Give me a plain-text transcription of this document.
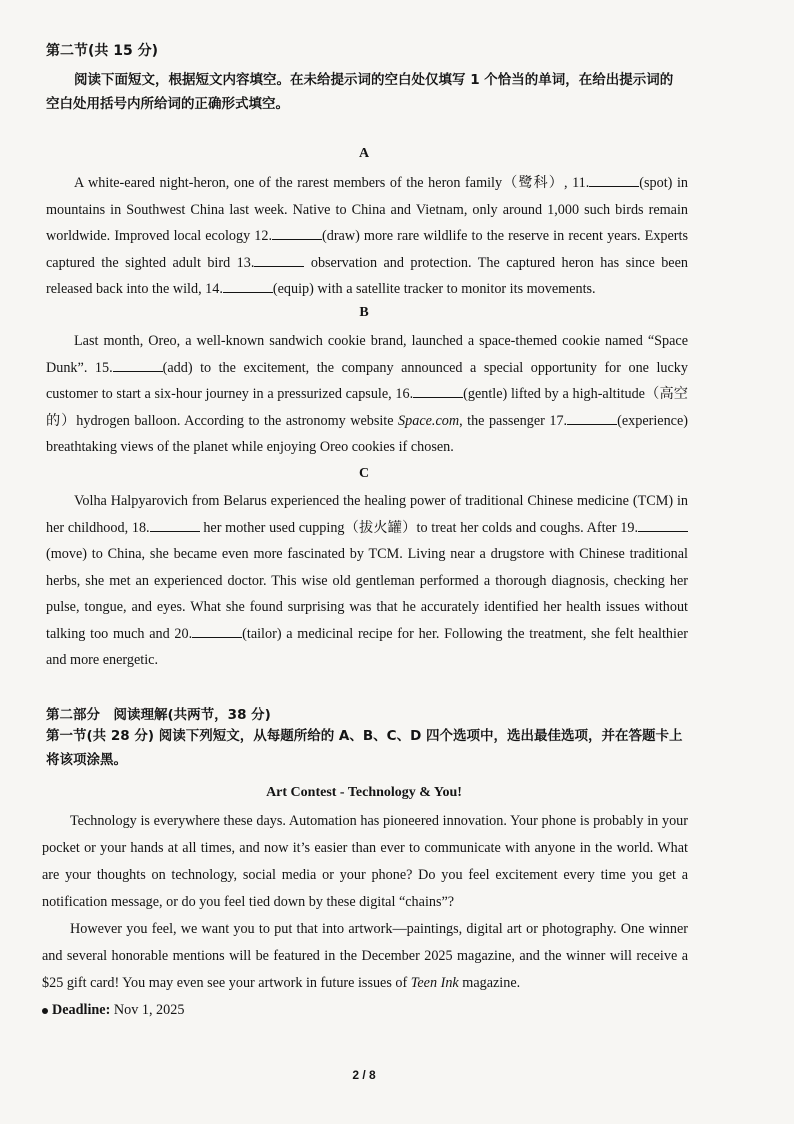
第二节(共 15 分)
阅读下面短文，根据短文内容填空。在未给提示词的空白处仅填写 1 个恰当的单词，在给出提示词的空白处用括号内所给词的正确形式填空。
A
A white-eared night-heron, one of the rarest members of the heron family（鹭科）, 11.	(spot) in mountains in Southwest China last week. Native to China and Vietnam, only around 1,000 such birds remain worldwide. Improved local ecology 12.	(draw) more rare wildlife to the reserve in recent years. Experts captured the sighted adult bird 13.	observation and protection. The captured heron has since been released back into the wild, 14.	(equip) with a satellite tracker to monitor its movements.
B
Last month, Oreo, a well-known sandwich cookie brand, launched a space-themed cookie named “Space Dunk”. 15.	(add) to the excitement, the company announced a special opportunity for one lucky customer to start a six-hour journey in a pressurized capsule, 16.	(gentle) lifted by a high-altitude（高空的）hydrogen balloon. According to the astronomy website Space.com, the passenger 17.	(experience) breathtaking views of the planet while enjoying Oreo cookies if chosen.
C
Volha Halpyarovich from Belarus experienced the healing power of traditional Chinese medicine (TCM) in her childhood, 18.	her mother used cupping（拔火罐）to treat her colds and coughs. After 19.(move) to China, she became even more fascinated by TCM. Living near a drugstore with Chinese traditional herbs, she met an experienced doctor. This wise old gentleman performed a thorough diagnosis, checking her pulse, tongue, and eyes. What she found surprising was that he accurately identified her health issues without talking too much and 20.	(tailor) a medicinal recipe for her. Following the treatment, she felt healthier and more energetic.
第二部分　阅读理解(共两节，38 分)
第一节(共 28 分) 阅读下列短文，从每题所给的 A、B、C、D 四个选项中，选出最佳选项，并在答题卡上将该项涂黑。
Art Contest - Technology & You!
Technology is everywhere these days. Automation has pioneered innovation. Your phone is probably in your pocket or your hands at all times, and now it’s easier than ever to communicate with anyone in the world. What are your thoughts on technology, social media or your phone? Do you feel excitement every time you get a notification message, or do you feel tied down by these digital “chains”?
However you feel, we want you to put that into artwork—paintings, digital art or photography. One winner and several honorable mentions will be featured in the December 2025 magazine, and the winner will receive a $25 gift card! You may even see your artwork in future issues of Teen Ink magazine.
Deadline: Nov 1, 2025
2 / 8
